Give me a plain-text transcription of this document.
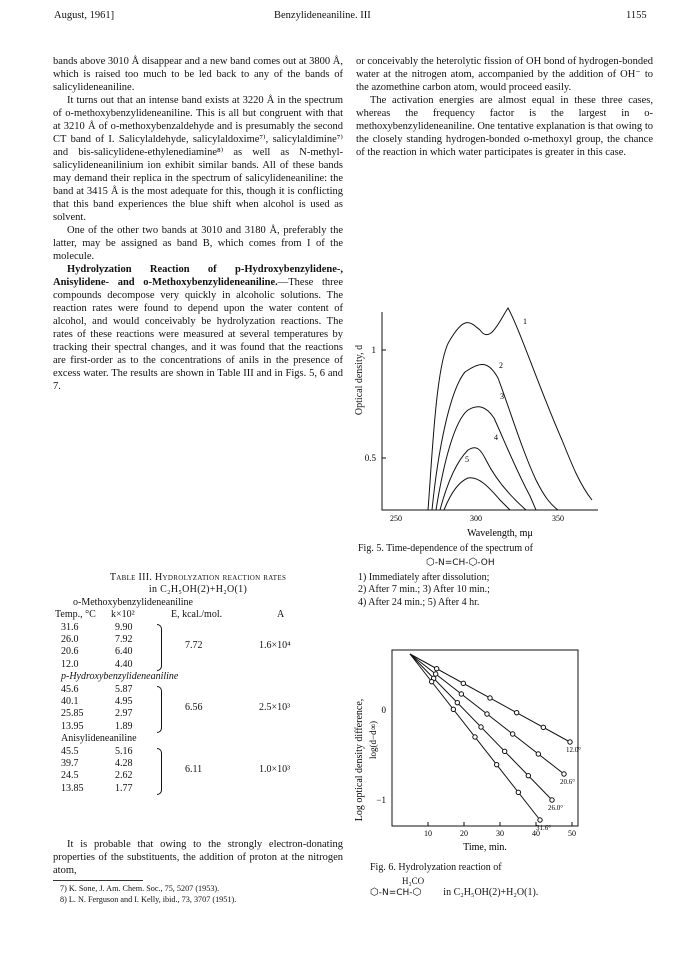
August, 1961]	Benzylideneaniline. III	1155

bands above 3010 Å disappear and a new band comes out at 3800 Å, which is raised too much to be led back to any of the bands of salicylideneaniline.

It turns out that an intense band exists at 3220 Å in the spectrum of o-methoxybenzylideneaniline. This is all but congruent with that at 3210 Å of o-methoxybenzaldehyde and is presumably the second CT band of I. Salicylaldehyde, salicylaldoxime⁷⁾, salicylaldimine⁷⁾ and bis-salicylidene-ethylenediamine⁸⁾ as well as N-methyl-salicylideneanilinium ion exhibit similar bands. All of these bands may demand their replica in the spectrum of salicylideneaniline: the band at 3415 Å is the most adequate for this, though it is conflicting that this band experiences the blue shift when alcohol is used as solvent.

One of the other two bands at 3010 and 3180 Å, preferably the latter, may be assigned as band B, which comes from I of the molecule.

Hydrolyzation Reaction of p-Hydroxybenzylidene-, Anisylidene- and o-Methoxybenzylideneaniline.—These three compounds decompose very quickly in alcoholic solutions. The reaction rates were found to depend upon the water content of alcohol, and would conceivably be hydrolyzation reactions. The rates of these reactions were measured at several temperatures by tracking their spectral changes, and it was found that the reactions are first-order as to the concentrations of anils in the presence of excess water. The results are shown in Table III and in Figs. 5, 6 and 7.

Table III. Hydrolyzation reaction rates
in C₂H₅OH(2)+H₂O(1)
o-Methoxybenzylideneaniline
Temp., °C k×10²	E, kcal./mol.	A
31.6	9.90
26.0	7.92
20.6	6.40
12.0	4.40
7.72	1.6×10⁴
p-Hydroxybenzylideneaniline
45.6	5.87
40.1	4.95
25.85	2.97
13.95	1.89
6.56	2.5×10³
Anisylideneaniline
45.5	5.16
39.7	4.28
24.5	2.62
13.85	1.77
6.11	1.0×10³

It is probable that owing to the strongly electron-donating properties of the substituents, the addition of proton at the nitrogen atom,

7) K. Sone, J. Am. Chem. Soc., 75, 5207 (1953).
8) L. N. Ferguson and I. Kelly, ibid., 73, 3707 (1951).

or conceivably the heterolytic fission of OH bond of hydrogen-bonded water at the nitrogen atom, accompanied by the addition of OH⁻ to the azomethine carbon atom, would proceed easily.

The activation energies are almost equal in these three cases, whereas the frequency factor is the largest in o-methoxybenzylideneaniline. One tentative explanation is that owing to the closely standing hydrogen-bonded o-methoxyl group, the chance of the reaction in which water participates is greater in this case.

Optical density, d 1
0.5
250	300	350
1
2
3
4
5
Wavelength, mμ
Fig. 5. Time-dependence of the spectrum of
⬡ -N=CH- ⬡ -OH
1) Immediately after dissolution;
2) After 7 min.; 3) After 10 min.;
4) After 24 min.; 5) After 4 hr.
12.0°
20.6°
26.0°
31.6°
Log optical density difference, log(d−d∞)
0
−1
10	20	30	40	50
Time, min.
Fig. 6. Hydrolyzation reaction of
H₃CO
⬡ -N=CH- ⬡ in C₂H₅OH(2)+H₂O(1).
